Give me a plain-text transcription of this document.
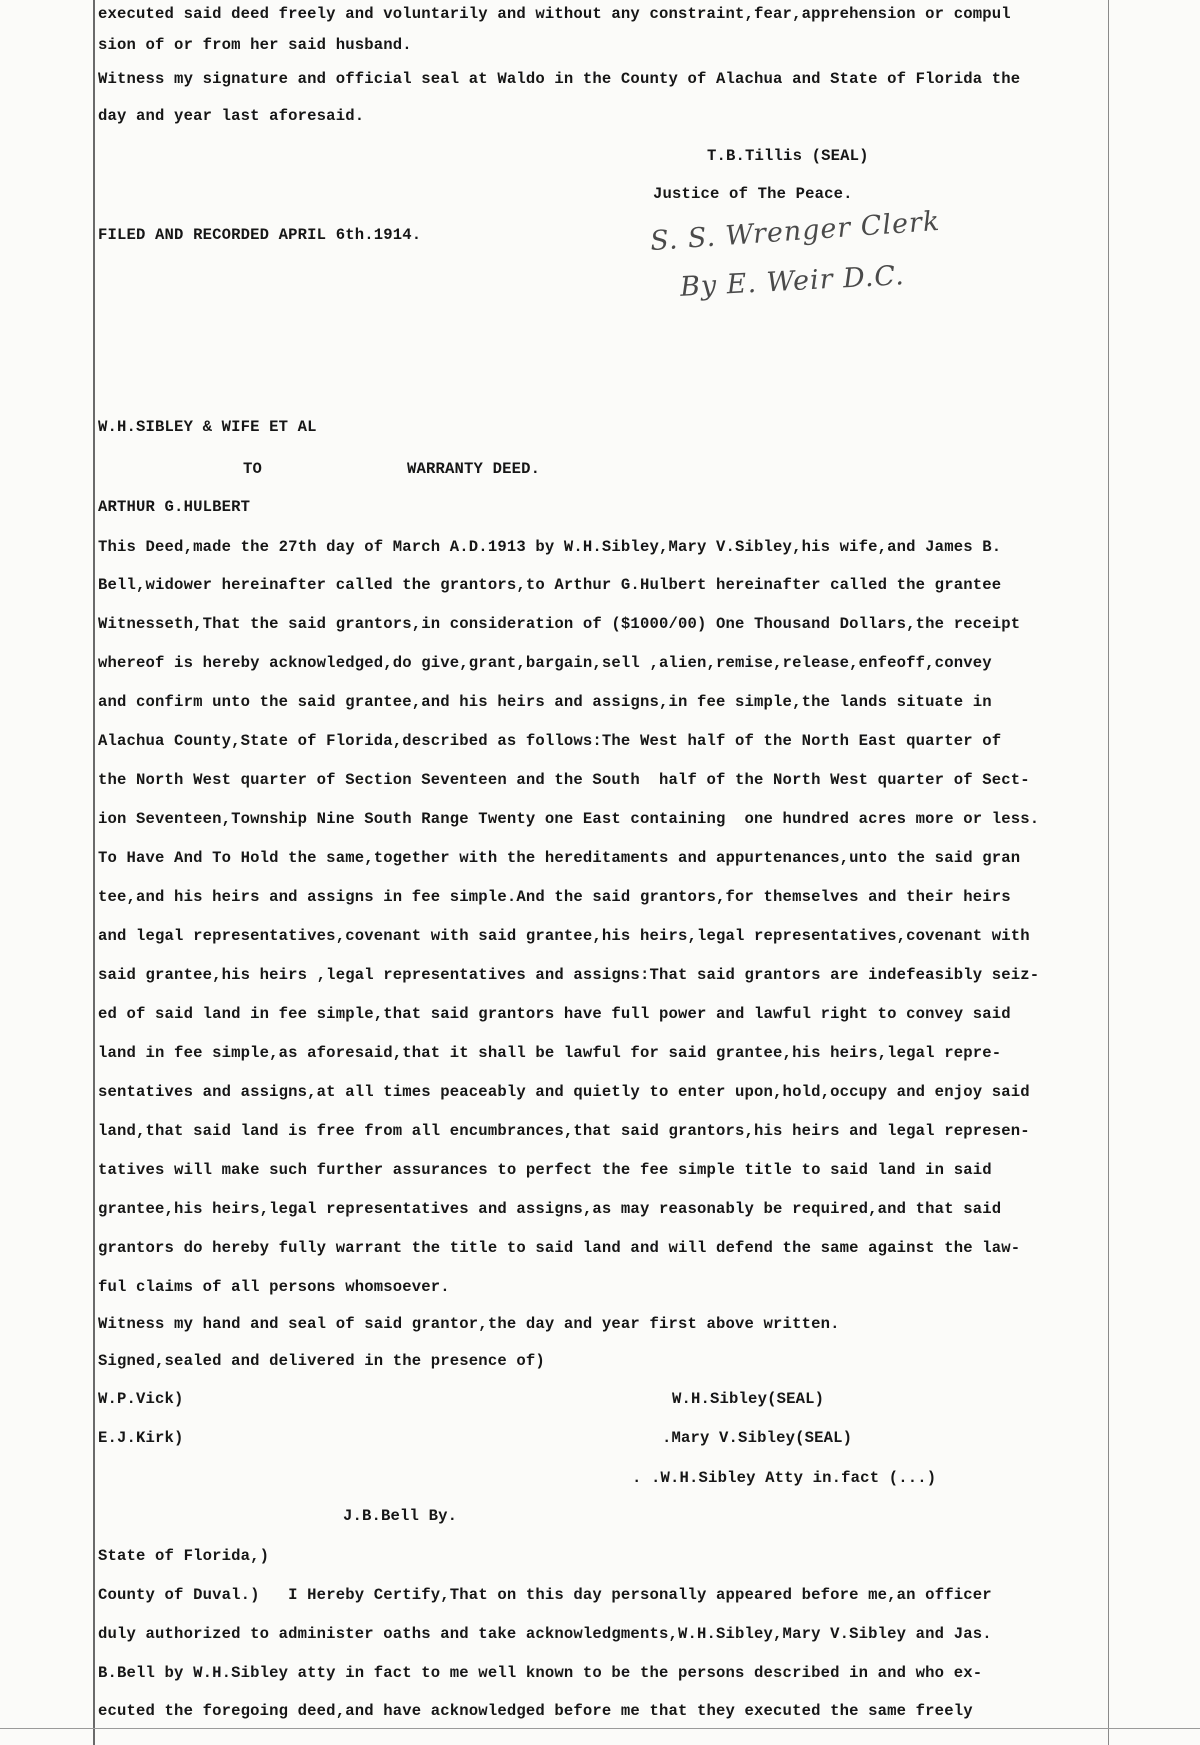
executed said deed freely and voluntarily and without any constraint,fear,apprehension or compul
sion of or from her said husband.
Witness my signature and official seal at Waldo in the County of Alachua and State of Florida the
day and year last aforesaid.
T.B.Tillis (SEAL)
Justice of The Peace.
FILED AND RECORDED APRIL 6th.1914.	S. S. Wrenger Clerk
By E. Weir D.C.
W.H.SIBLEY & WIFE ET AL
TO	WARRANTY DEED.
ARTHUR G.HULBERT
This Deed,made the 27th day of March A.D.1913 by W.H.Sibley,Mary V.Sibley,his wife,and James B.
Bell,widower hereinafter called the grantors,to Arthur G.Hulbert hereinafter called the grantee
Witnesseth,That the said grantors,in consideration of ($1000/00) One Thousand Dollars,the receipt
whereof is hereby acknowledged,do give,grant,bargain,sell ,alien,remise,release,enfeoff,convey
and confirm unto the said grantee,and his heirs and assigns,in fee simple,the lands situate in
Alachua County,State of Florida,described as follows:The West half of the North East quarter of
the North West quarter of Section Seventeen and the South  half of the North West quarter of Sect-
ion Seventeen,Township Nine South Range Twenty one East containing  one hundred acres more or less.
To Have And To Hold the same,together with the hereditaments and appurtenances,unto the said gran
tee,and his heirs and assigns in fee simple.And the said grantors,for themselves and their heirs
and legal representatives,covenant with said grantee,his heirs,legal representatives,covenant with
said grantee,his heirs ,legal representatives and assigns:That said grantors are indefeasibly seiz-
ed of said land in fee simple,that said grantors have full power and lawful right to convey said
land in fee simple,as aforesaid,that it shall be lawful for said grantee,his heirs,legal repre-
sentatives and assigns,at all times peaceably and quietly to enter upon,hold,occupy and enjoy said
land,that said land is free from all encumbrances,that said grantors,his heirs and legal represen-
tatives will make such further assurances to perfect the fee simple title to said land in said
grantee,his heirs,legal representatives and assigns,as may reasonably be required,and that said
grantors do hereby fully warrant the title to said land and will defend the same against the law-
ful claims of all persons whomsoever.
Witness my hand and seal of said grantor,the day and year first above written.
Signed,sealed and delivered in the presence of)
W.P.Vick)
E.J.Kirk)
W.H.Sibley(SEAL)
.Mary V.Sibley(SEAL)
. .W.H.Sibley Atty in.fact (...)
J.B.Bell By.
State of Florida,)
County of Duval.)   I Hereby Certify,That on this day personally appeared before me,an officer
duly authorized to administer oaths and take acknowledgments,W.H.Sibley,Mary V.Sibley and Jas.
B.Bell by W.H.Sibley atty in fact to me well known to be the persons described in and who ex-
ecuted the foregoing deed,and have acknowledged before me that they executed the same freely
